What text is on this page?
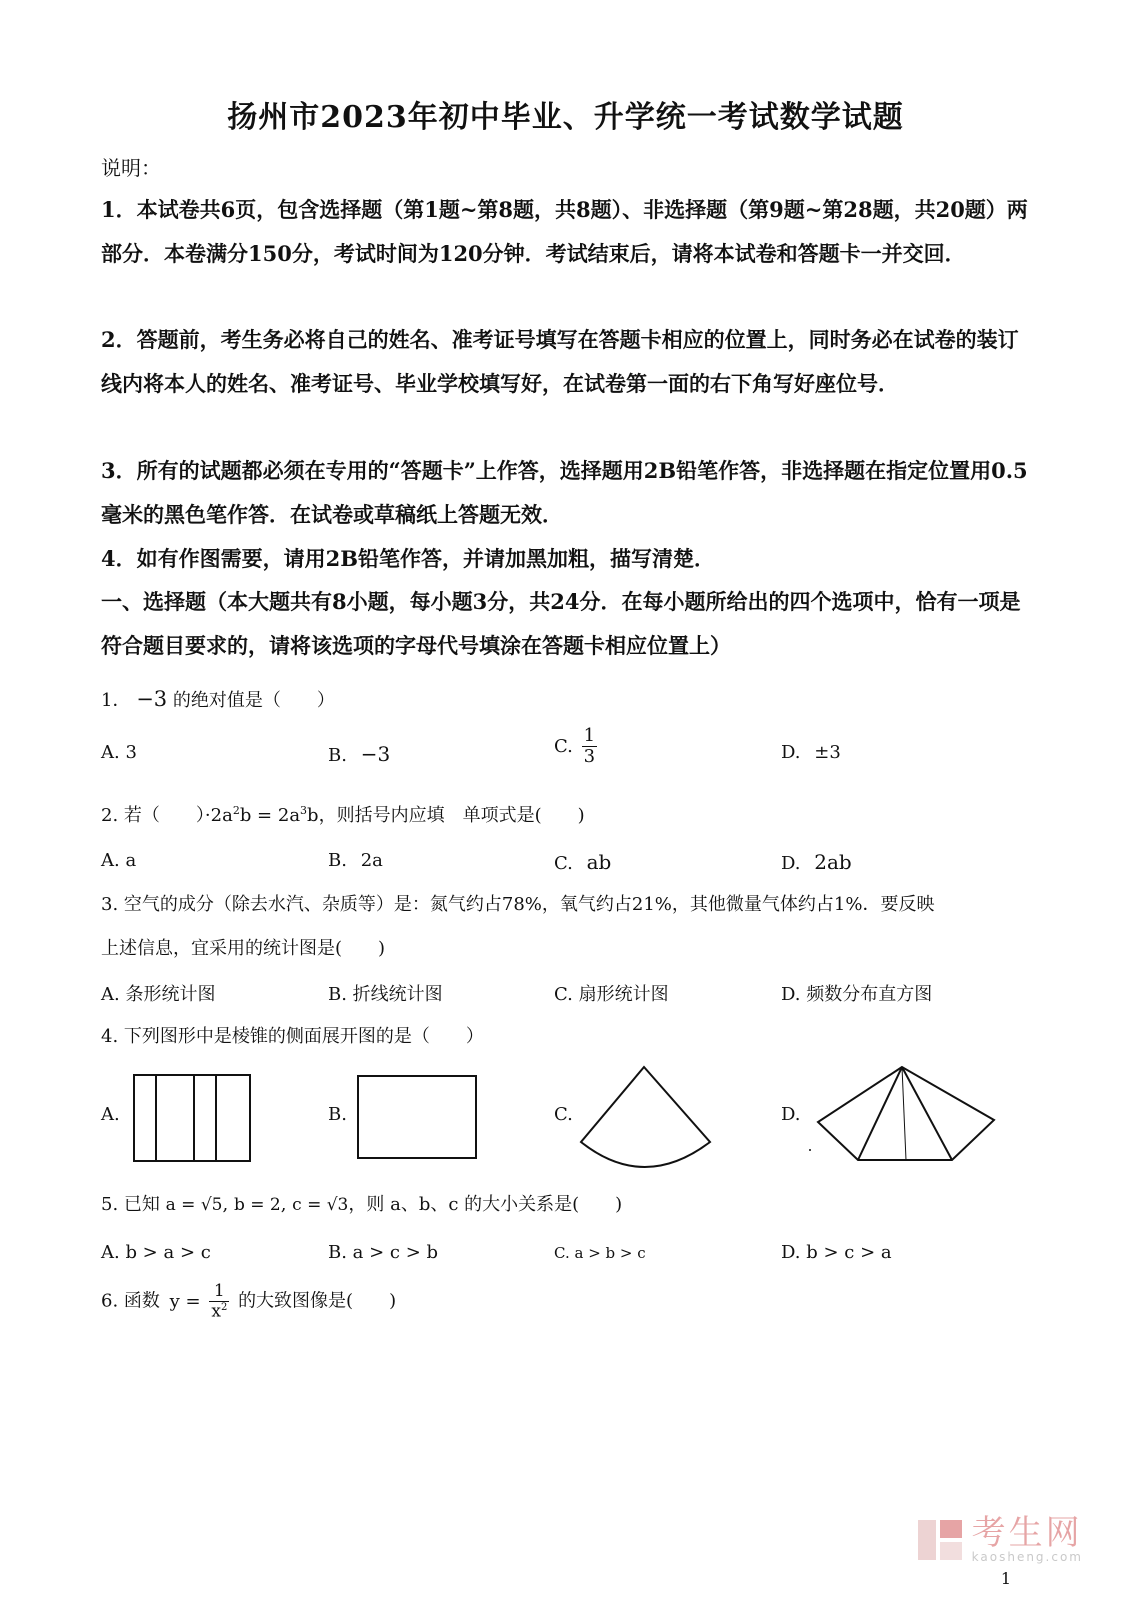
扬州市2023年初中毕业、升学统一考试数学试题
说明：

1．本试卷共6页，包含选择题（第1题~第8题，共8题）、非选择题（第9题~第28题，共20题）两部分．本卷满分150分，考试时间为120分钟．考试结束后，请将本试卷和答题卡一并交回．

2．答题前，考生务必将自己的姓名、准考证号填写在答题卡相应的位置上，同时务必在试卷的装订线内将本人的姓名、准考证号、毕业学校填写好，在试卷第一面的右下角写好座位号．

3．所有的试题都必须在专用的“答题卡”上作答，选择题用2B铅笔作答，非选择题在指定位置用0.5毫米的黑色笔作答．在试卷或草稿纸上答题无效．

4．如有作图需要，请用2B铅笔作答，并请加黑加粗，描写清楚．

一、选择题（本大题共有8小题，每小题3分，共24分．在每小题所给出的四个选项中，恰有一项是符合题目要求的，请将该选项的字母代号填涂在答题卡相应位置上）

1． −3 的绝对值是（　　）
A. 3	B. −3	C. $\frac{1}{3}$	D. ±3
2. 若（　　）$\cdot 2a^2b = 2a^3b$，则括号内应填　单项式是(　　)
A. a	B. 2a	C. ab	D. 2ab
3. 空气的成分（除去水汽、杂质等）是：氮气约占78%，氧气约占21%，其他微量气体约占1%．要反映
上述信息，宜采用的统计图是(　　)
A. 条形统计图	B. 折线统计图	C. 扇形统计图	D. 频数分布直方图
4. 下列图形中是棱锥的侧面展开图的是（　　）
A.	B.	C.	D.
5. 已知 a = √5, b = 2, c = √3，则 a、b、c 的大小关系是(　　)
A. b > a > c	B. a > c > b	C. a > b > c	D. b > c > a
6. 函数 $y = \frac{1}{x^2}$ 的大致图像是(　　)
考生网
kaosheng.com
1
